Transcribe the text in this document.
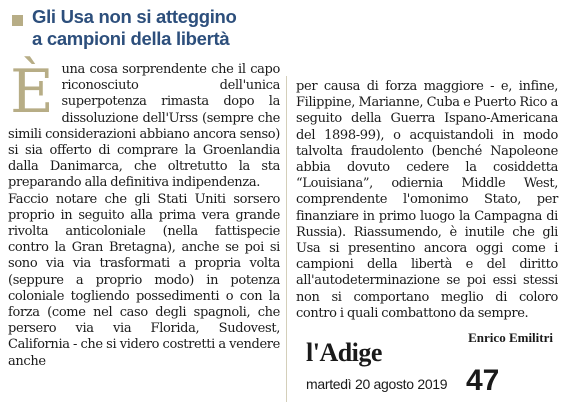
Gli Usa non si atteggino
a campioni della libertà
È una cosa sorprendente che il capo riconosciuto dell'unica superpotenza rimasta dopo la dissoluzione dell'Urss (sempre che simili considerazioni abbiano ancora senso) si sia offerto di comprare la Groenlandia dalla Danimarca, che oltretutto la sta preparando alla definitiva indipendenza.

Faccio notare che gli Stati Uniti sorsero proprio in seguito alla prima vera grande rivolta anticoloniale (nella fattispecie contro la Gran Bretagna), anche se poi si sono via via trasformati a propria volta (seppure a proprio modo) in potenza coloniale togliendo possedimenti o con la forza (come nel caso degli spagnoli, che persero via via Florida, Sudovest, California - che si videro costretti a vendere anche

per causa di forza maggiore - e, infine, Filippine, Marianne, Cuba e Puerto Rico a seguito della Guerra Ispano-Americana del 1898-99), o acquistandoli in modo talvolta fraudolento (benché Napoleone abbia dovuto cedere la cosiddetta “Louisiana”, odiernia Middle West, comprendente l'omonimo Stato, per finanziare in primo luogo la Campagna di Russia). Riassumendo, è inutile che gli Usa si presentino ancora oggi come i campioni della libertà e del diritto all'autodeterminazione se poi essi stessi non si comportano meglio di coloro contro i quali combattono da sempre.

Enrico Emilitri
l'Adige
martedì 20 agosto 2019 47
